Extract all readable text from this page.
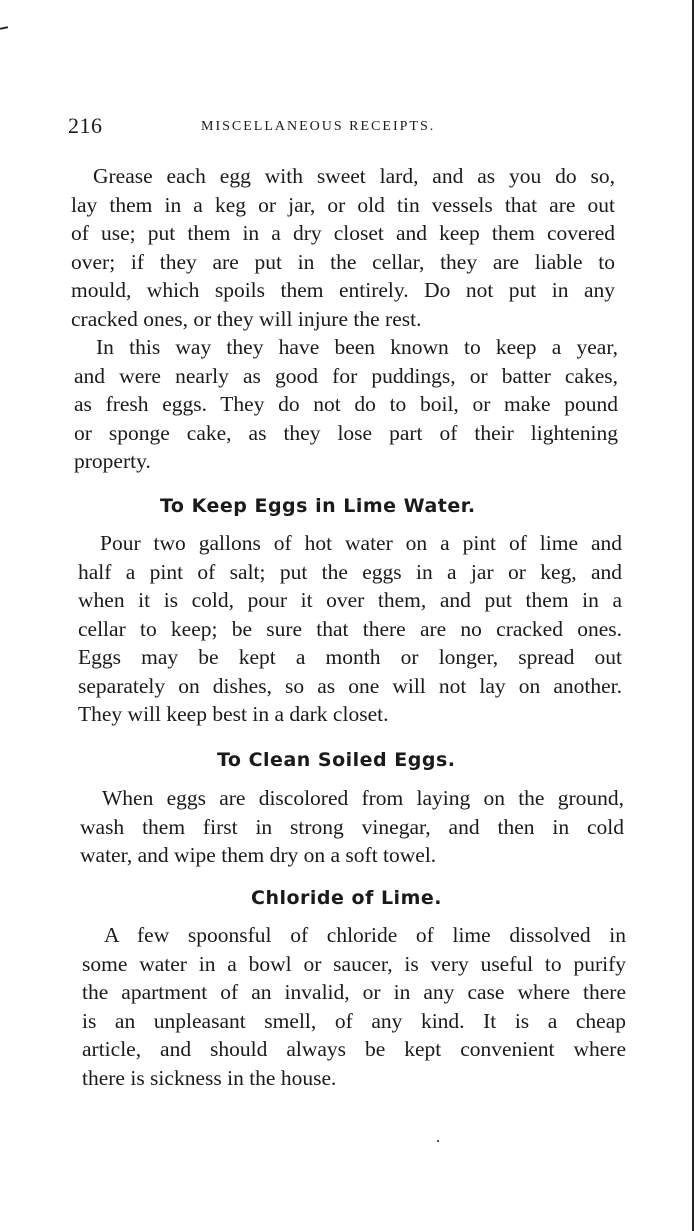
216	MISCELLANEOUS RECEIPTS.
Grease each egg with sweet lard, and as you do so,
lay them in a keg or jar, or old tin vessels that are out
of use; put them in a dry closet and keep them covered
over; if they are put in the cellar, they are liable to
mould, which spoils them entirely. Do not put in any
cracked ones, or they will injure the rest.
In this way they have been known to keep a year,
and were nearly as good for puddings, or batter cakes,
as fresh eggs. They do not do to boil, or make pound
or sponge cake, as they lose part of their lightening
property.
To Keep Eggs in Lime Water.
Pour two gallons of hot water on a pint of lime and
half a pint of salt; put the eggs in a jar or keg, and
when it is cold, pour it over them, and put them in a
cellar to keep; be sure that there are no cracked ones.
Eggs may be kept a month or longer, spread out
separately on dishes, so as one will not lay on another.
They will keep best in a dark closet.
To Clean Soiled Eggs.
When eggs are discolored from laying on the ground,
wash them first in strong vinegar, and then in cold
water, and wipe them dry on a soft towel.
Chloride of Lime.
A few spoonsful of chloride of lime dissolved in
some water in a bowl or saucer, is very useful to purify
the apartment of an invalid, or in any case where there
is an unpleasant smell, of any kind. It is a cheap
article, and should always be kept convenient where
there is sickness in the house.
